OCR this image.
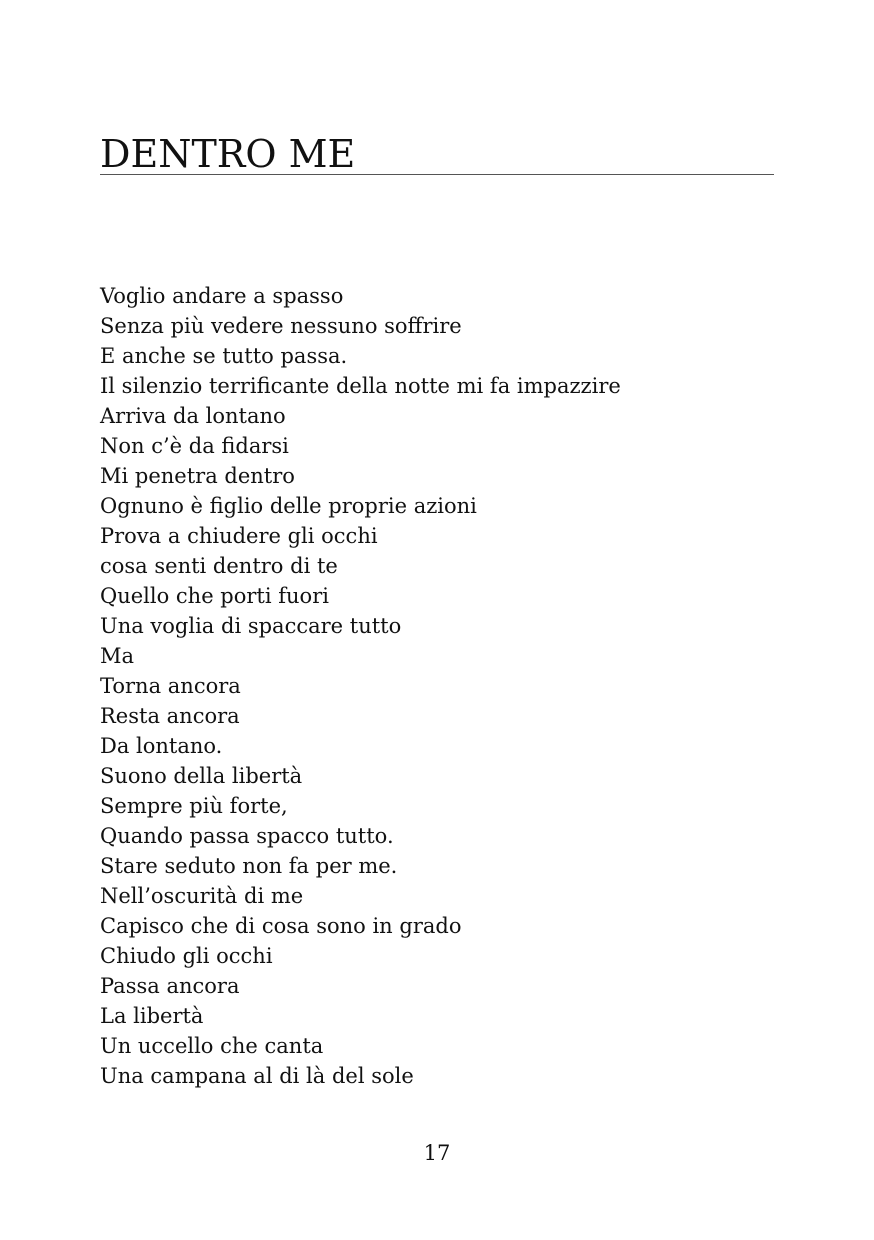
DENTRO ME
Voglio andare a spasso
Senza più vedere nessuno soffrire
E anche se tutto passa.
Il silenzio terrificante della notte mi fa impazzire
Arriva da lontano
Non c’è da fidarsi
Mi penetra dentro
Ognuno è figlio delle proprie azioni
Prova a chiudere gli occhi
cosa senti dentro di te
Quello che porti fuori
Una voglia di spaccare tutto
Ma
Torna ancora
Resta ancora
Da lontano.
Suono della libertà
Sempre più forte,
Quando passa spacco tutto.
Stare seduto non fa per me.
Nell’oscurità di me
Capisco che di cosa sono in grado
Chiudo gli occhi
Passa ancora
La libertà
Un uccello che canta
Una campana al di là del sole
17
